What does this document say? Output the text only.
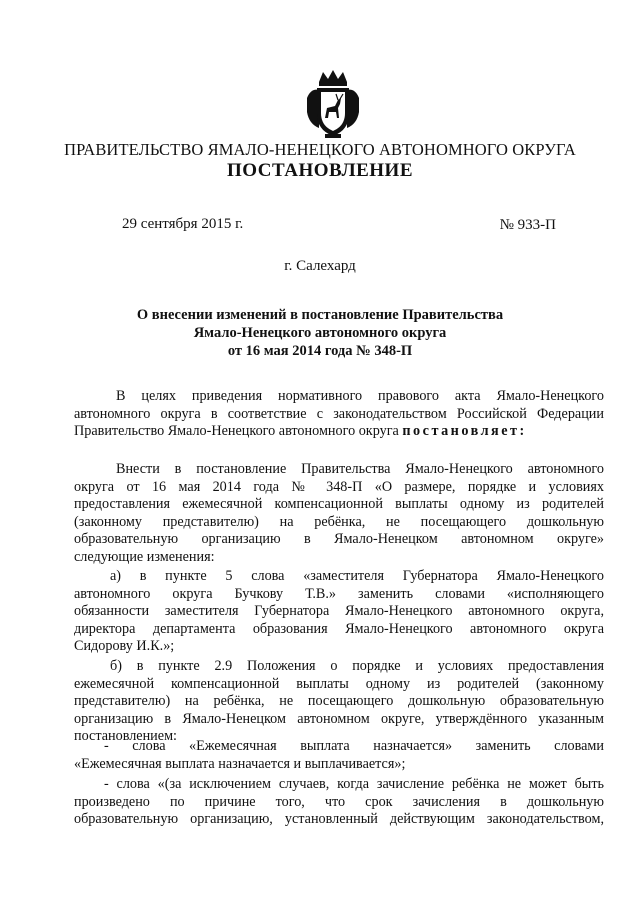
ПРАВИТЕЛЬСТВО ЯМАЛО-НЕНЕЦКОГО АВТОНОМНОГО ОКРУГА
ПОСТАНОВЛЕНИЕ
29 сентября 2015 г.	№ 933-П
г. Салехард
О внесении изменений в постановление Правительства
Ямало-Ненецкого автономного округа
от 16 мая 2014 года № 348-П
В целях приведения нормативного правового акта Ямало-Ненецкого
автономного округа в соответствие с законодательством Российской Федерации
Правительство Ямало-Ненецкого автономного округа постановляет:
Внести в постановление Правительства Ямало-Ненецкого автономного
округа от 16 мая 2014 года № 348-П «О размере, порядке и условиях
предоставления ежемесячной компенсационной выплаты одному из родителей
(законному представителю) на ребёнка, не посещающего дошкольную
образовательную организацию в Ямало-Ненецком автономном округе»
следующие изменения:
а) в пункте 5 слова «заместителя Губернатора Ямало-Ненецкого
автономного округа Бучкову Т.В.» заменить словами «исполняющего
обязанности заместителя Губернатора Ямало-Ненецкого автономного округа,
директора департамента образования Ямало-Ненецкого автономного округа
Сидорову И.К.»;
б) в пункте 2.9 Положения о порядке и условиях предоставления
ежемесячной компенсационной выплаты одному из родителей (законному
представителю) на ребёнка, не посещающего дошкольную образовательную
организацию в Ямало-Ненецком автономном округе, утверждённого указанным
постановлением:
- слова «Ежемесячная выплата назначается» заменить словами
«Ежемесячная выплата назначается и выплачивается»;
- слова «(за исключением случаев, когда зачисление ребёнка не может быть
произведено по причине того, что срок зачисления в дошкольную
образовательную организацию, установленный действующим законодательством,
